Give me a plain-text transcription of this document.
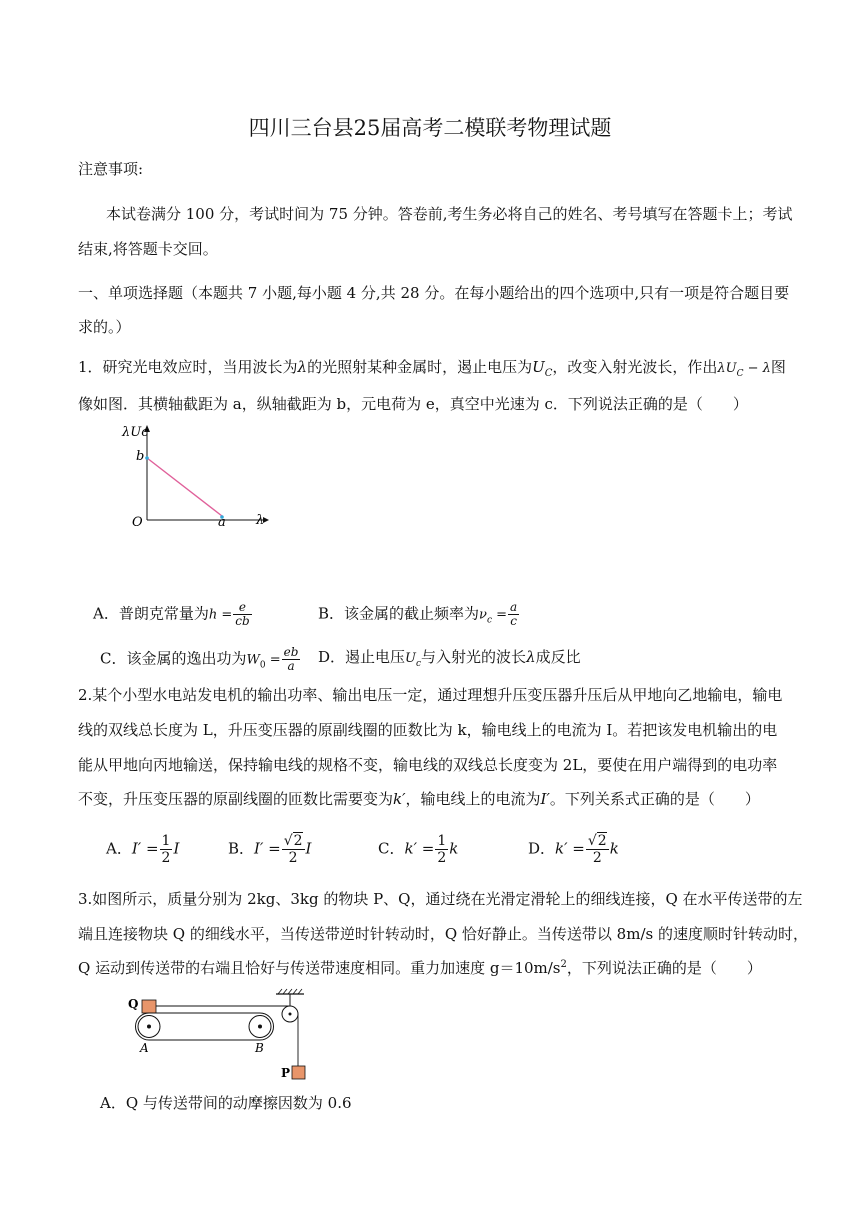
四川三台县25届高考二模联考物理试题
注意事项:
本试卷满分 100 分，考试时间为 75 分钟。答卷前,考生务必将自己的姓名、考号填写在答题卡上；考试
结束,将答题卡交回。
一、单项选择题（本题共 7 小题,每小题 4 分,共 28 分。在每小题给出的四个选项中,只有一项是符合题目要
求的。）
1．研究光电效应时，当用波长为λ的光照射某种金属时，遏止电压为$U_C$，改变入射光波长，作出$\lambda U_C - \lambda$图
像如图．其横轴截距为 a，纵轴截距为 b，元电荷为 e，真空中光速为 c．下列说法正确的是（　　）
λUc
λ
O
b
a
A．普朗克常量为$h = \frac{e}{cb}$	B．该金属的截止频率为$\nu_c = \frac{a}{c}$
C．该金属的逸出功为$W_0 = \frac{eb}{a}$ D．遏止电压$U_c$与入射光的波长λ成反比
2.某个小型水电站发电机的输出功率、输出电压一定，通过理想升压变压器升压后从甲地向乙地输电，输电
线的双线总长度为 L，升压变压器的原副线圈的匝数比为 k，输电线上的电流为 I。若把该发电机输出的电
能从甲地向丙地输送，保持输电线的规格不变，输电线的双线总长度变为 2L，要使在用户端得到的电功率
不变，升压变压器的原副线圈的匝数比需要变为k′，输电线上的电流为I′。下列关系式正确的是（　　）
A．$I' = \frac{1}{2}$ I	B．$I' = \frac{√2}{2}$ I	C．$k' = \frac{1}{2}$ k	D．$k' = \frac{√2}{2}$ k
3.如图所示，质量分别为 2kg、3kg 的物块 P、Q，通过绕在光滑定滑轮上的细线连接，Q 在水平传送带的左
端且连接物块 Q 的细线水平，当传送带逆时针转动时，Q 恰好静止。当传送带以 8m/s 的速度顺时针转动时，
Q 运动到传送带的右端且恰好与传送带速度相同。重力加速度 $g=10m/s^2$，下列说法正确的是（　　）
Q
A	B
P
A．Q 与传送带间的动摩擦因数为 0.6
